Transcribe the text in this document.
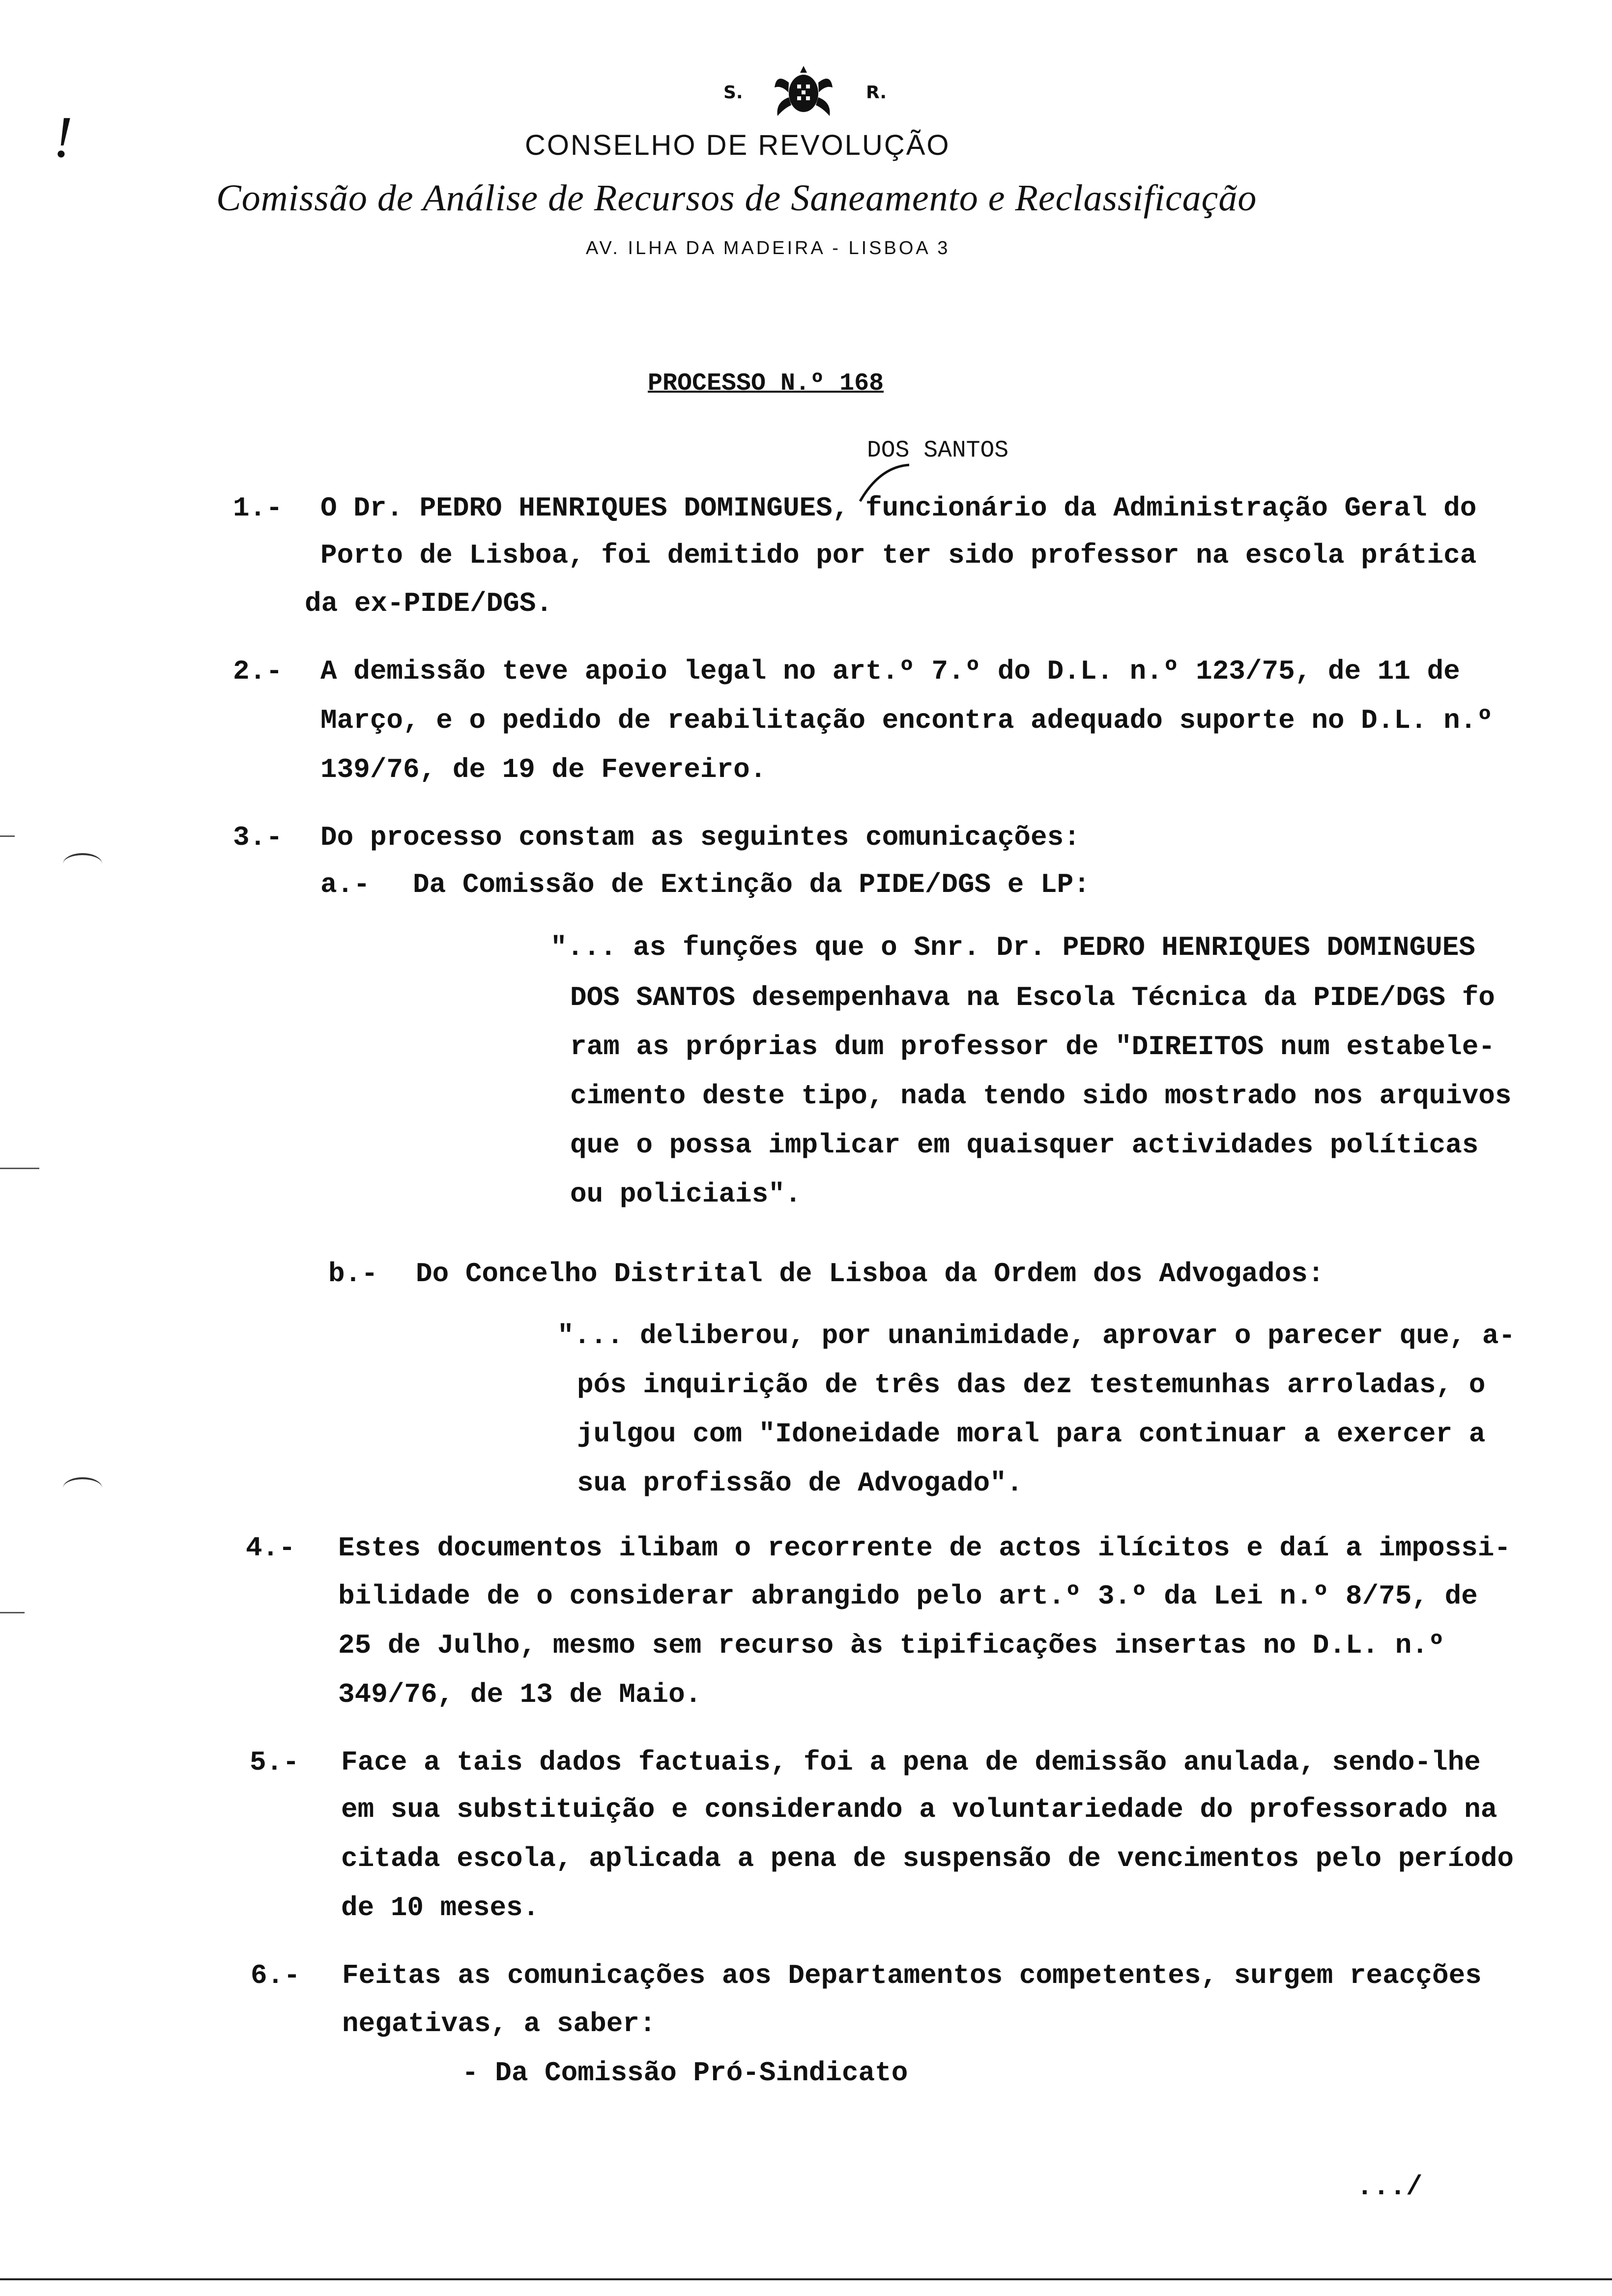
!
S.	R.
CONSELHO DE REVOLUÇÃO
Comissão de Análise de Recursos de Saneamento e Reclassificação
AV. ILHA DA MADEIRA - LISBOA 3
PROCESSO N.º 168
DOS SANTOS
1.- O Dr. PEDRO HENRIQUES DOMINGUES, funcionário da Administração Geral do
Porto de Lisboa, foi demitido por ter sido professor na escola prática
da ex-PIDE/DGS.
2.- A demissão teve apoio legal no art.º 7.º do D.L. n.º 123/75, de 11 de
Março, e o pedido de reabilitação encontra adequado suporte no D.L. n.º
139/76, de 19 de Fevereiro.
3.- Do processo constam as seguintes comunicações:
a.- Da Comissão de Extinção da PIDE/DGS e LP:
"... as funções que o Snr. Dr. PEDRO HENRIQUES DOMINGUES
DOS SANTOS desempenhava na Escola Técnica da PIDE/DGS fo
ram as próprias dum professor de "DIREITOS num estabele-
cimento deste tipo, nada tendo sido mostrado nos arquivos
que o possa implicar em quaisquer actividades políticas
ou policiais".
b.- Do Concelho Distrital de Lisboa da Ordem dos Advogados:
"... deliberou, por unanimidade, aprovar o parecer que, a-
pós inquirição de três das dez testemunhas arroladas, o
julgou com "Idoneidade moral para continuar a exercer a
sua profissão de Advogado".
4.- Estes documentos ilibam o recorrente de actos ilícitos e daí a impossi-
bilidade de o considerar abrangido pelo art.º 3.º da Lei n.º 8/75, de
25 de Julho, mesmo sem recurso às tipificações insertas no D.L. n.º
349/76, de 13 de Maio.
5.- Face a tais dados factuais, foi a pena de demissão anulada, sendo-lhe
em sua substituição e considerando a voluntariedade do professorado na
citada escola, aplicada a pena de suspensão de vencimentos pelo período
de 10 meses.
6.- Feitas as comunicações aos Departamentos competentes, surgem reacções
negativas, a saber:
- Da Comissão Pró-Sindicato
.../
